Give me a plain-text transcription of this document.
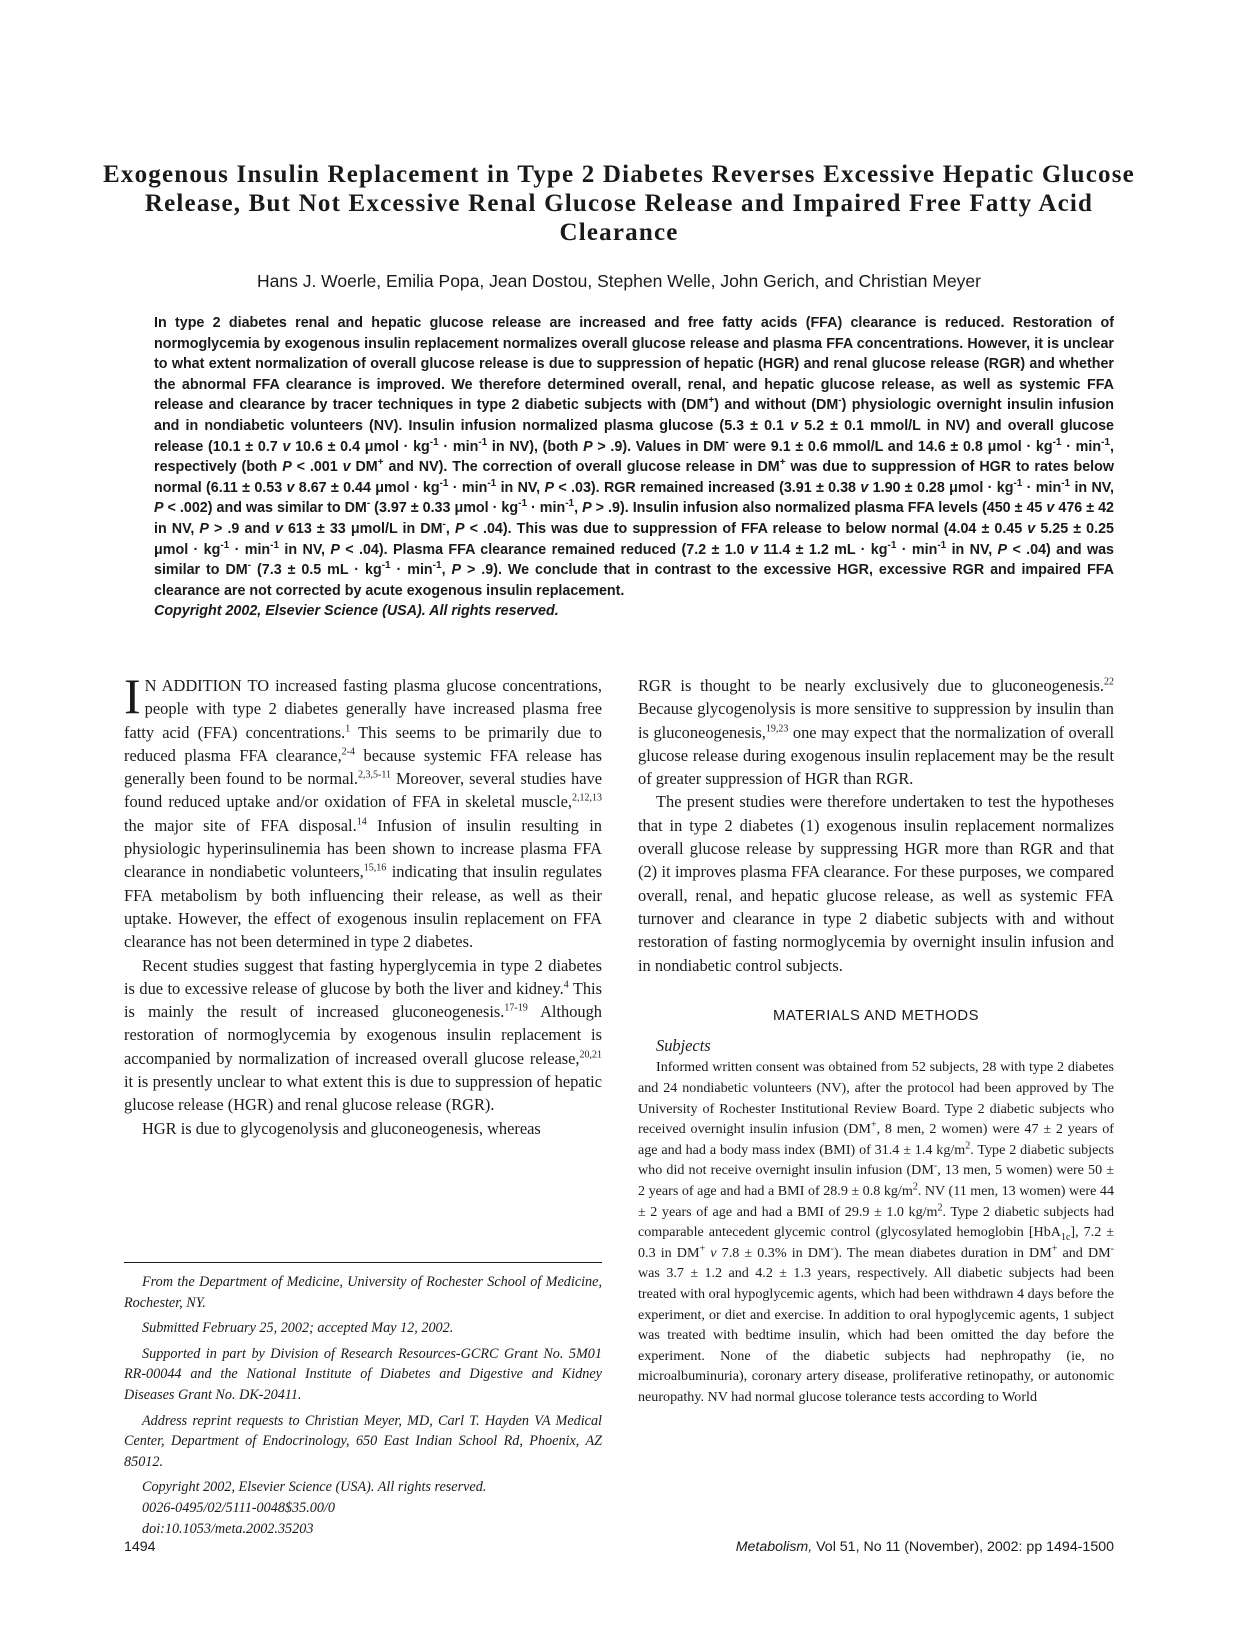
Exogenous Insulin Replacement in Type 2 Diabetes Reverses Excessive Hepatic Glucose Release, But Not Excessive Renal Glucose Release and Impaired Free Fatty Acid Clearance

Hans J. Woerle, Emilia Popa, Jean Dostou, Stephen Welle, John Gerich, and Christian Meyer

In type 2 diabetes renal and hepatic glucose release are increased and free fatty acids (FFA) clearance is reduced. Restoration of normoglycemia by exogenous insulin replacement normalizes overall glucose release and plasma FFA concentrations. However, it is unclear to what extent normalization of overall glucose release is due to suppression of hepatic (HGR) and renal glucose release (RGR) and whether the abnormal FFA clearance is improved. We therefore determined overall, renal, and hepatic glucose release, as well as systemic FFA release and clearance by tracer techniques in type 2 diabetic subjects with (DM+) and without (DM-) physiologic overnight insulin infusion and in nondiabetic volunteers (NV). Insulin infusion normalized plasma glucose (5.3 ± 0.1 v 5.2 ± 0.1 mmol/L in NV) and overall glucose release (10.1 ± 0.7 v 10.6 ± 0.4 $\mu mol \cdot kg^{-1} \cdot \min^{-1}$ in NV), (both P > .9). Values in DM- were 9.1 ± 0.6 mmol/L and 14.6 ± 0.8 $\mu mol \cdot kg^{-1} \cdot \min^{-1}$, respectively (both P < .001 v DM+ and NV). The correction of overall glucose release in DM+ was due to suppression of HGR to rates below normal (6.11 ± 0.53 v 8.67 ± 0.44 $\mu mol \cdot kg^{-1} \cdot \min^{-1}$ in NV, P < .03). RGR remained increased (3.91 ± 0.38 v 1.90 ± 0.28 $\mu mol \cdot kg^{-1} \cdot \min^{-1}$ in NV, P < .002) and was similar to DM- (3.97 ± 0.33 $\mu mol \cdot kg^{-1} \cdot \min^{-1}$, P > .9). Insulin infusion also normalized plasma FFA levels (450 ± 45 v 476 ± 42 in NV, P > .9 and v 613 ± 33 μmol/L in DM-, P < .04). This was due to suppression of FFA release to below normal (4.04 ± 0.45 v 5.25 ± 0.25 $\mu mol \cdot kg^{-1} \cdot \min^{-1}$ in NV, P < .04). Plasma FFA clearance remained reduced (7.2 ± 1.0 v 11.4 ± 1.2 mL · $kg^{-1} \cdot \min^{-1}$ in NV, P < .04) and was similar to DM- (7.3 ± 0.5 mL · $kg^{-1} \cdot \min^{-1}$, P > .9). We conclude that in contrast to the excessive HGR, excessive RGR and impaired FFA clearance are not corrected by acute exogenous insulin replacement.
Copyright 2002, Elsevier Science (USA). All rights reserved.

I N ADDITION TO increased fasting plasma glucose concentrations, people with type 2 diabetes generally have increased plasma free fatty acid (FFA) concentrations.$^1$ This seems to be primarily due to reduced plasma FFA clearance,$^{2-4}$ because systemic FFA release has generally been found to be normal.$^{2,3,5-11}$ Moreover, several studies have found reduced uptake and/or oxidation of FFA in skeletal muscle,$^{2,12,13}$ the major site of FFA disposal.$^{14}$ Infusion of insulin resulting in physiologic hyperinsulinemia has been shown to increase plasma FFA clearance in nondiabetic volunteers,$^{15,16}$ indicating that insulin regulates FFA metabolism by both influencing their release, as well as their uptake. However, the effect of exogenous insulin replacement on FFA clearance has not been determined in type 2 diabetes.

Recent studies suggest that fasting hyperglycemia in type 2 diabetes is due to excessive release of glucose by both the liver and kidney.$^4$ This is mainly the result of increased gluconeogenesis.$^{17-19}$ Although restoration of normoglycemia by exogenous insulin replacement is accompanied by normalization of increased overall glucose release,$^{20,21}$ it is presently unclear to what extent this is due to suppression of hepatic glucose release (HGR) and renal glucose release (RGR).

HGR is due to glycogenolysis and gluconeogenesis, whereas

From the Department of Medicine, University of Rochester School of Medicine, Rochester, NY.

Submitted February 25, 2002; accepted May 12, 2002.

Supported in part by Division of Research Resources-GCRC Grant No. 5M01 RR-00044 and the National Institute of Diabetes and Digestive and Kidney Diseases Grant No. DK-20411.

Address reprint requests to Christian Meyer, MD, Carl T. Hayden VA Medical Center, Department of Endocrinology, 650 East Indian School Rd, Phoenix, AZ 85012.

Copyright 2002, Elsevier Science (USA). All rights reserved.

0026-0495/02/5111-0048$35.00/0

doi:10.1053/meta.2002.35203

RGR is thought to be nearly exclusively due to gluconeogenesis.$^{22}$ Because glycogenolysis is more sensitive to suppression by insulin than is gluconeogenesis,$^{19,23}$ one may expect that the normalization of overall glucose release during exogenous insulin replacement may be the result of greater suppression of HGR than RGR.

The present studies were therefore undertaken to test the hypotheses that in type 2 diabetes (1) exogenous insulin replacement normalizes overall glucose release by suppressing HGR more than RGR and that (2) it improves plasma FFA clearance. For these purposes, we compared overall, renal, and hepatic glucose release, as well as systemic FFA turnover and clearance in type 2 diabetic subjects with and without restoration of fasting normoglycemia by overnight insulin infusion and in nondiabetic control subjects.

MATERIALS AND METHODS

Subjects

Informed written consent was obtained from 52 subjects, 28 with type 2 diabetes and 24 nondiabetic volunteers (NV), after the protocol had been approved by The University of Rochester Institutional Review Board. Type 2 diabetic subjects who received overnight insulin infusion (DM+, 8 men, 2 women) were 47 ± 2 years of age and had a body mass index (BMI) of 31.4 ± 1.4 $kg/m^2$. Type 2 diabetic subjects who did not receive overnight insulin infusion (DM-, 13 men, 5 women) were 50 ± 2 years of age and had a BMI of 28.9 ± 0.8 $kg/m^2$. NV (11 men, 13 women) were 44 ± 2 years of age and had a BMI of 29.9 ± 1.0 $kg/m^2$. Type 2 diabetic subjects had comparable antecedent glycemic control (glycosylated hemoglobin [HbA$_{1c}$], 7.2 ± 0.3 in DM+ v 7.8 ± 0.3% in DM-). The mean diabetes duration in DM+ and DM- was 3.7 ± 1.2 and 4.2 ± 1.3 years, respectively. All diabetic subjects had been treated with oral hypoglycemic agents, which had been withdrawn 4 days before the experiment, or diet and exercise. In addition to oral hypoglycemic agents, 1 subject was treated with bedtime insulin, which had been omitted the day before the experiment. None of the diabetic subjects had nephropathy (ie, no microalbuminuria), coronary artery disease, proliferative retinopathy, or autonomic neuropathy. NV had normal glucose tolerance tests according to World

1494	Metabolism, Vol 51, No 11 (November), 2002: pp 1494-1500
